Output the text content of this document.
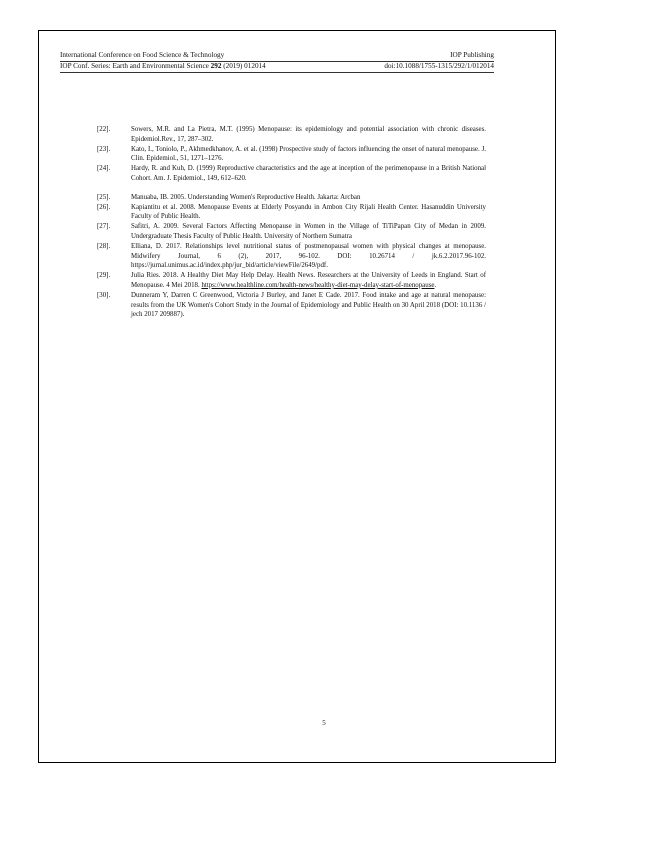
International Conference on Food Science & Technology	IOP Publishing
IOP Conf. Series: Earth and Environmental Science 292 (2019) 012014	doi:10.1088/1755-1315/292/1/012014
[22].	Sowers, M.R. and La Pietra, M.T. (1995) Menopause: its epidemiology and potential association with chronic diseases. Epidemiol.Rev., 17, 287–302.
[23].	Kato, I., Toniolo, P., Akhmedkhanov, A. et al. (1998) Prospective study of factors influencing the onset of natural menopause. J. Clin. Epidemiol., 51, 1271–1276.
[24].	Hardy, R. and Kuh, D. (1999) Reproductive characteristics and the age at inception of the perimenopause in a British National Cohort. Am. J. Epidemiol., 149, 612–620.
[25].	Manuaba, IB. 2005. Understanding Women's Reproductive Health. Jakarta: Arcban
[26].	Kapiantitu et al. 2008. Menopause Events at Elderly Posyandu in Ambon City Rijali Health Center. Hasanuddin University Faculty of Public Health.
[27].	Safitri, A. 2009. Several Factors Affecting Menopause in Women in the Village of TiTiPapan City of Medan in 2009. Undergraduate Thesis Faculty of Public Health. University of Northern Sumatra
[28].	Elliana, D. 2017. Relationships level nutritional status of postmenopausal women with physical changes at menopause. Midwifery Journal, 6 (2), 2017, 96-102. DOI: 10.26714 / jk.6.2.2017.96-102. https://jurnal.unimus.ac.id/index.php/jur_bid/article/viewFile/2649/pdf.
[29].	Julia Ries. 2018. A Healthy Diet May Help Delay. Health News. Researchers at the University of Leeds in England. Start of Menopause. 4 Mei 2018. https://www.healthline.com/health-news/healthy-diet-may-delay-start-of-menopause.
[30].	Dunneram Y, Darren C Greenwood, Victoria J Burley, and Janet E Cade. 2017. Food intake and age at natural menopause: results from the UK Women's Cohort Study in the Journal of Epidemiology and Public Health on 30 April 2018 (DOI: 10.1136 / jech 2017 209887).
5
